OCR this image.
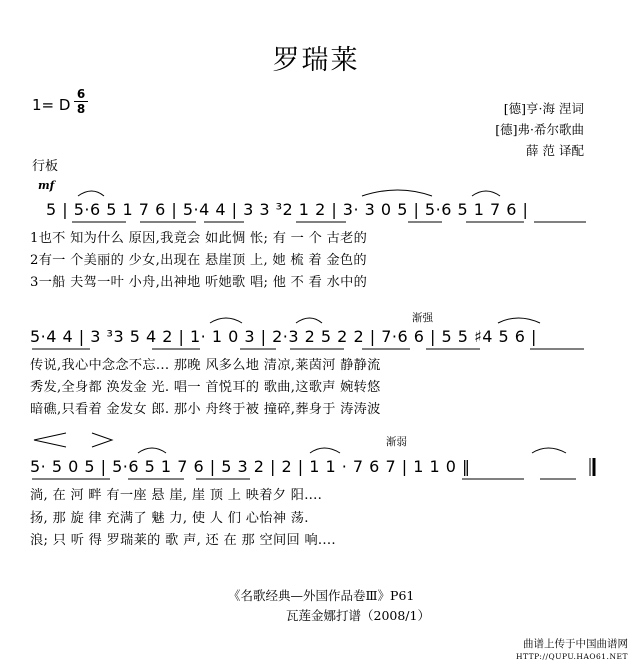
罗瑞莱
1= D
6
8	[德]亨·海 涅词
[德]弗·希尔歌曲
薛 范 译配
行板
mf
渐强
渐弱
5 | 5·6 5 1 7 6 | 5·4 4 | 3 3 ³2 1 2 | 3· 3 0 5 | 5·6 5 1 7 6 |
1也不 知为什么 原因,我竟会 如此惆 怅; 有 一 个 古老的
2有一 个美丽的 少女,出现在 悬崖顶 上, 她 梳 着 金色的
3一船 夫驾一叶 小舟,出神地 听她歌 唱; 他 不 看 水中的
5·4 4 | 3 ³3 5 4 2 | 1· 1 0 3 | 2·3 2 5 2 2 | 7·6 6 | 5 5 ♯4 5 6 |
传说,我心中念念不忘... 那晚 风多么地 清凉,莱茵河 静静流
秀发,全身都 涣发金 光. 唱一 首悦耳的 歌曲,这歌声 婉转悠
暗礁,只看着 金发女 郎. 那小 舟终于被 撞碎,葬身于 涛涛波
5· 5 0 5 | 5·6 5 1 7 6 | 5 3 2 | 2 | 1 1 · 7 6 7 | 1 1 0 ‖
淌, 在 河 畔 有一座 悬 崖, 崖 顶 上 映着夕 阳....
扬, 那 旋 律 充满了 魅 力, 使 人 们 心怡神 荡.
浪; 只 听 得 罗瑞莱的 歌 声, 还 在 那 空间回 响....
《名歌经典—外国作品卷Ⅲ》P61
瓦莲金娜打谱（2008/1）
曲谱上传于中国曲谱网
HTTP://QUPU.HAO61.NET
